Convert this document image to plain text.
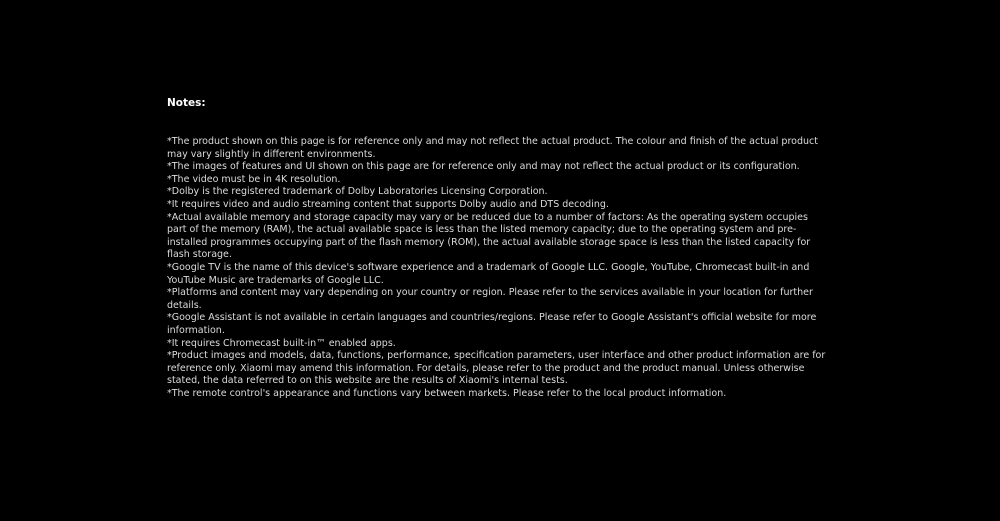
Notes:
*The product shown on this page is for reference only and may not reflect the actual product. The colour and finish of the actual product may vary slightly in different environments.
*The images of features and UI shown on this page are for reference only and may not reflect the actual product or its configuration.
*The video must be in 4K resolution.
*Dolby is the registered trademark of Dolby Laboratories Licensing Corporation.
*It requires video and audio streaming content that supports Dolby audio and DTS decoding.
*Actual available memory and storage capacity may vary or be reduced due to a number of factors: As the operating system occupies part of the memory (RAM), the actual available space is less than the listed memory capacity; due to the operating system and pre-installed programmes occupying part of the flash memory (ROM), the actual available storage space is less than the listed capacity for flash storage.
*Google TV is the name of this device's software experience and a trademark of Google LLC. Google, YouTube, Chromecast built-in and YouTube Music are trademarks of Google LLC.
*Platforms and content may vary depending on your country or region. Please refer to the services available in your location for further details.
*Google Assistant is not available in certain languages and countries/regions. Please refer to Google Assistant's official website for more information.
*It requires Chromecast built-in™ enabled apps.
*Product images and models, data, functions, performance, specification parameters, user interface and other product information are for reference only. Xiaomi may amend this information. For details, please refer to the product and the product manual. Unless otherwise stated, the data referred to on this website are the results of Xiaomi's internal tests.
*The remote control's appearance and functions vary between markets. Please refer to the local product information.
